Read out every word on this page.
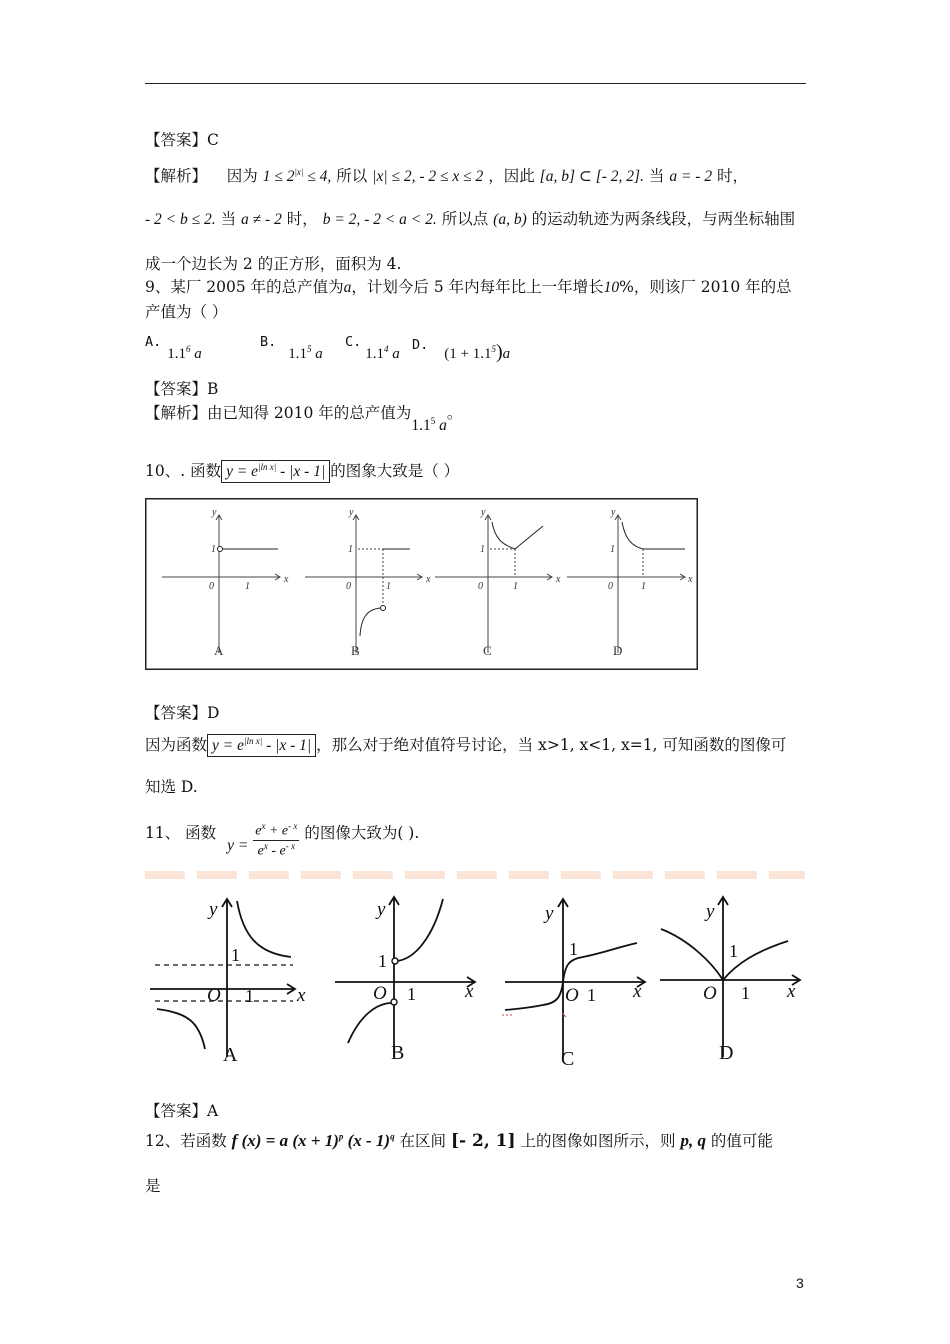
【答案】C
【解析】 因为 $1 \le 2^{|x|} \le 4$, 所以 |x| ≤ 2, - 2 ≤ x ≤ 2 ，因此 [a, b] ⊂ [- 2, 2]. 当 a = - 2 时，
- 2 < b ≤ 2. 当 a ≠ - 2 时， b = 2, - 2 < a < 2. 所以点 (a, b) 的运动轨迹为两条线段，与两坐标轴围
成一个边长为 2 的正方形，面积为 4.
9、某厂 2005 年的总产值为a，计划今后 5 年内每年比上一年增长10%，则该厂 2010 年的总
产值为（ ）
A.1.1$^6$ a
B.1.1$^5$ a
C.1.1$^4$ a
$D.(1 + 1.1^5)a$
【答案】B
【解析】由已知得 2010 年的总产值为$1.1^5$ a。
10、. 函数 $y = e^{|ln x|} - |x - 1|$ 的图象大致是（ ）
y
x
0
1
1
y
x
0
1
1
y
x
0
1
1
y
x
0
1
1
A	B	C	D
【答案】D
因为函数 $y = e^{|ln x|} - |x - 1|$ ，那么对于绝对值符号讨论，当 x>1, x<1, x=1, 可知函数的图像可
知选 D.
11、 函数 $y = \frac{e^x + e^{- x}}{e^x - e^{- x}}$ 的图像大致为( ).
y
x
y
x
y
x
y
x
O	O	O	O
1
1
1
1
1
1
1
1
A	B	C	D
【答案】A
12、若函数 f (x) = a $(x + 1)^p$ (x - 1)$^q$ 在区间 [- 2, 1] 上的图像如图所示，则 p, q 的值可能
是
3
